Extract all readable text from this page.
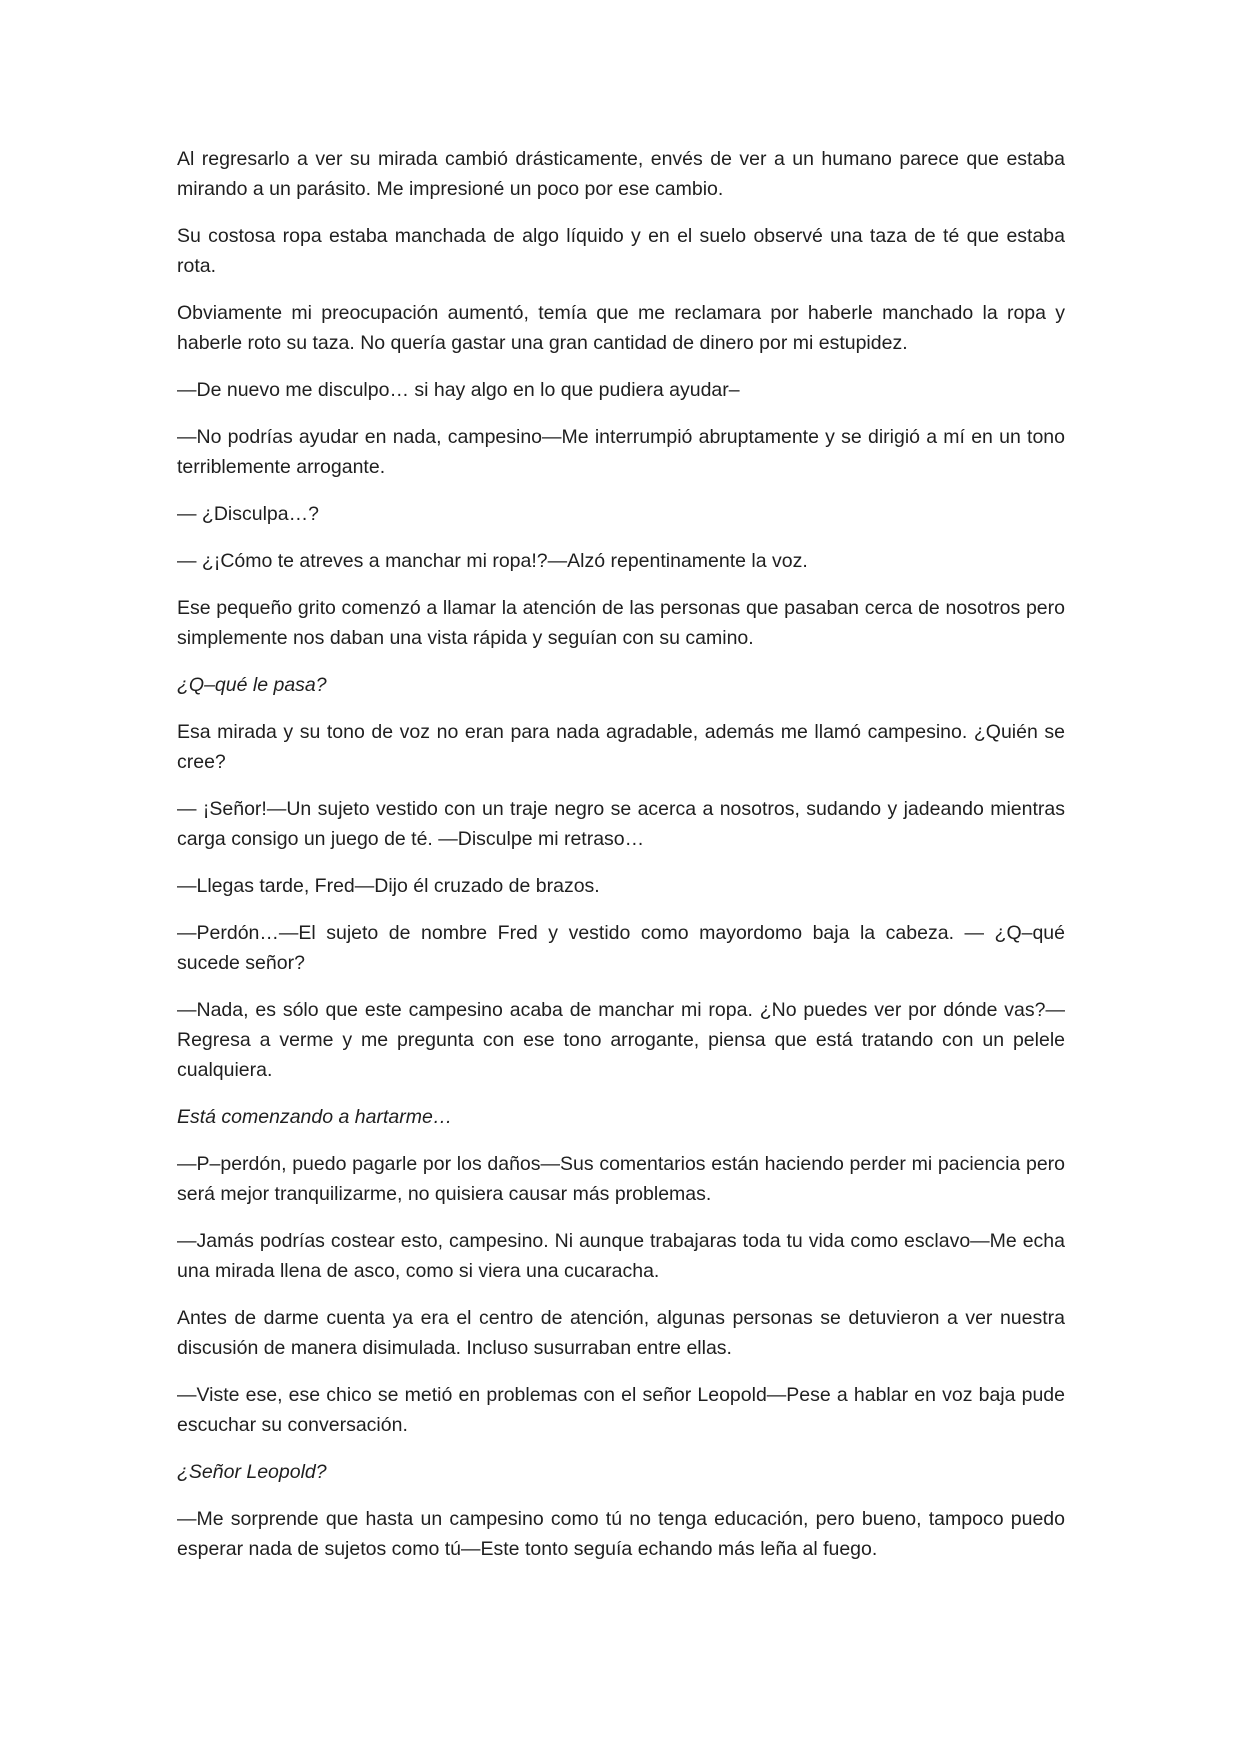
Al regresarlo a ver su mirada cambió drásticamente, envés de ver a un humano parece que estaba mirando a un parásito. Me impresioné un poco por ese cambio.

Su costosa ropa estaba manchada de algo líquido y en el suelo observé una taza de té que estaba rota.

Obviamente mi preocupación aumentó, temía que me reclamara por haberle manchado la ropa y haberle roto su taza. No quería gastar una gran cantidad de dinero por mi estupidez.

—De nuevo me disculpo… si hay algo en lo que pudiera ayudar–

—No podrías ayudar en nada, campesino—Me interrumpió abruptamente y se dirigió a mí en un tono terriblemente arrogante.

— ¿Disculpa…?

— ¿¡Cómo te atreves a manchar mi ropa!?—Alzó repentinamente la voz.

Ese pequeño grito comenzó a llamar la atención de las personas que pasaban cerca de nosotros pero simplemente nos daban una vista rápida y seguían con su camino.

¿Q–qué le pasa?

Esa mirada y su tono de voz no eran para nada agradable, además me llamó campesino. ¿Quién se cree?

— ¡Señor!—Un sujeto vestido con un traje negro se acerca a nosotros, sudando y jadeando mientras carga consigo un juego de té. —Disculpe mi retraso…

—Llegas tarde, Fred—Dijo él cruzado de brazos.

—Perdón…—El sujeto de nombre Fred y vestido como mayordomo baja la cabeza. — ¿Q–qué sucede señor?

—Nada, es sólo que este campesino acaba de manchar mi ropa. ¿No puedes ver por dónde vas?—Regresa a verme y me pregunta con ese tono arrogante, piensa que está tratando con un pelele cualquiera.

Está comenzando a hartarme…

—P–perdón, puedo pagarle por los daños—Sus comentarios están haciendo perder mi paciencia pero será mejor tranquilizarme, no quisiera causar más problemas.

—Jamás podrías costear esto, campesino. Ni aunque trabajaras toda tu vida como esclavo—Me echa una mirada llena de asco, como si viera una cucaracha.

Antes de darme cuenta ya era el centro de atención, algunas personas se detuvieron a ver nuestra discusión de manera disimulada. Incluso susurraban entre ellas.

—Viste ese, ese chico se metió en problemas con el señor Leopold—Pese a hablar en voz baja pude escuchar su conversación.

¿Señor Leopold?

—Me sorprende que hasta un campesino como tú no tenga educación, pero bueno, tampoco puedo esperar nada de sujetos como tú—Este tonto seguía echando más leña al fuego.
